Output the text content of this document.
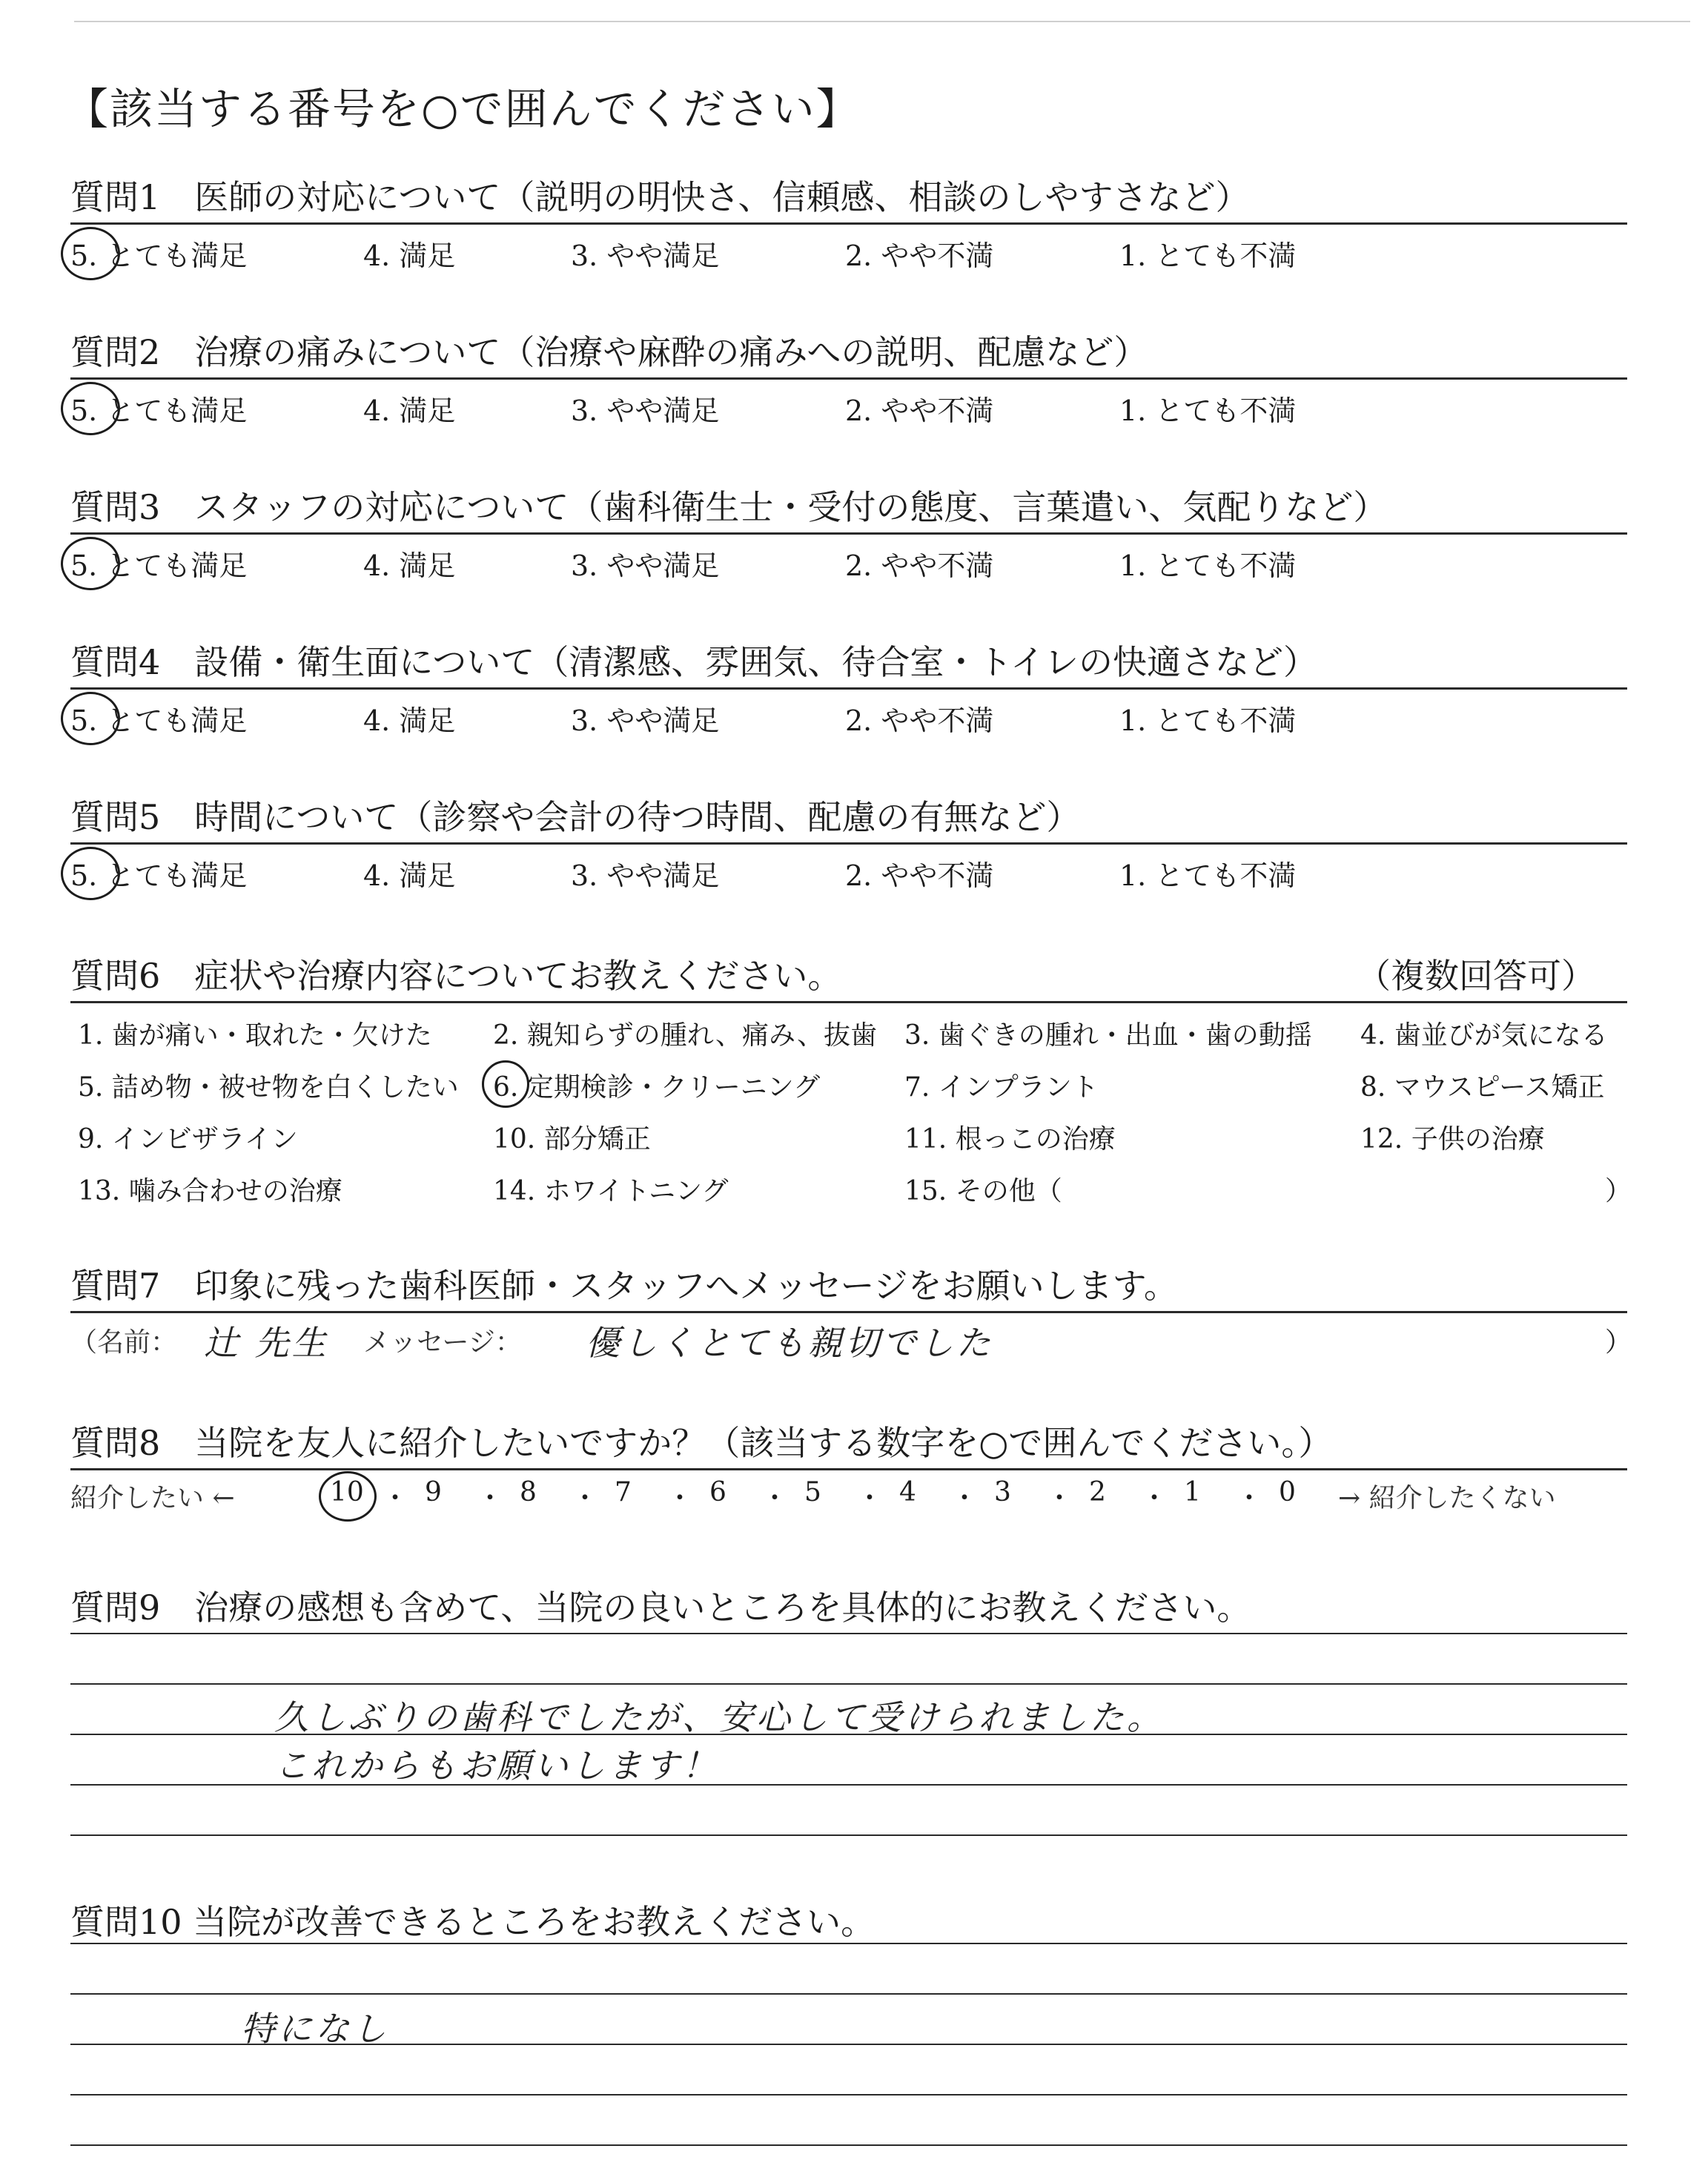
【該当する番号を○で囲んでください】
質問1　医師の対応について（説明の明快さ、信頼感、相談のしやすさなど）
5. とても満足	4. 満足	3. やや満足	2. やや不満	1. とても不満
質問2　治療の痛みについて（治療や麻酔の痛みへの説明、配慮など）
5. とても満足	4. 満足	3. やや満足	2. やや不満	1. とても不満
質問3　スタッフの対応について（歯科衛生士・受付の態度、言葉遣い、気配りなど）
5. とても満足	4. 満足	3. やや満足	2. やや不満	1. とても不満
質問4　設備・衛生面について（清潔感、雰囲気、待合室・トイレの快適さなど）
5. とても満足	4. 満足	3. やや満足	2. やや不満	1. とても不満
質問5　時間について（診察や会計の待つ時間、配慮の有無など）
5. とても満足	4. 満足	3. やや満足	2. やや不満	1. とても不満
質問6　症状や治療内容についてお教えください。	（複数回答可）
1. 歯が痛い・取れた・欠けた 2. 親知らずの腫れ、痛み、抜歯 3. 歯ぐきの腫れ・出血・歯の動揺 4. 歯並びが気になる
5. 詰め物・被せ物を白くしたい 6. 定期検診・クリーニング	7. インプラント	8. マウスピース矯正
9. インビザライン	10. 部分矯正	11. 根っこの治療	12. 子供の治療
13. 噛み合わせの治療	14. ホワイトニング	15. その他（	）
質問7　印象に残った歯科医師・スタッフへメッセージをお願いします。
（名前： 辻 先生 メッセージ： 優しくとても親切でした	）
質問8　当院を友人に紹介したいですか？（該当する数字を○で囲んでください。）
紹介したい ←	→ 紹介したくない
10 ・ 9 ・ 8 ・ 7 ・ 6 ・ 5 ・ 4 ・ 3 ・ 2 ・ 1 ・ 0
質問9　治療の感想も含めて、当院の良いところを具体的にお教えください。
久しぶりの歯科でしたが、安心して受けられました。
これからもお願いします！
質問10 当院が改善できるところをお教えください。
特になし
